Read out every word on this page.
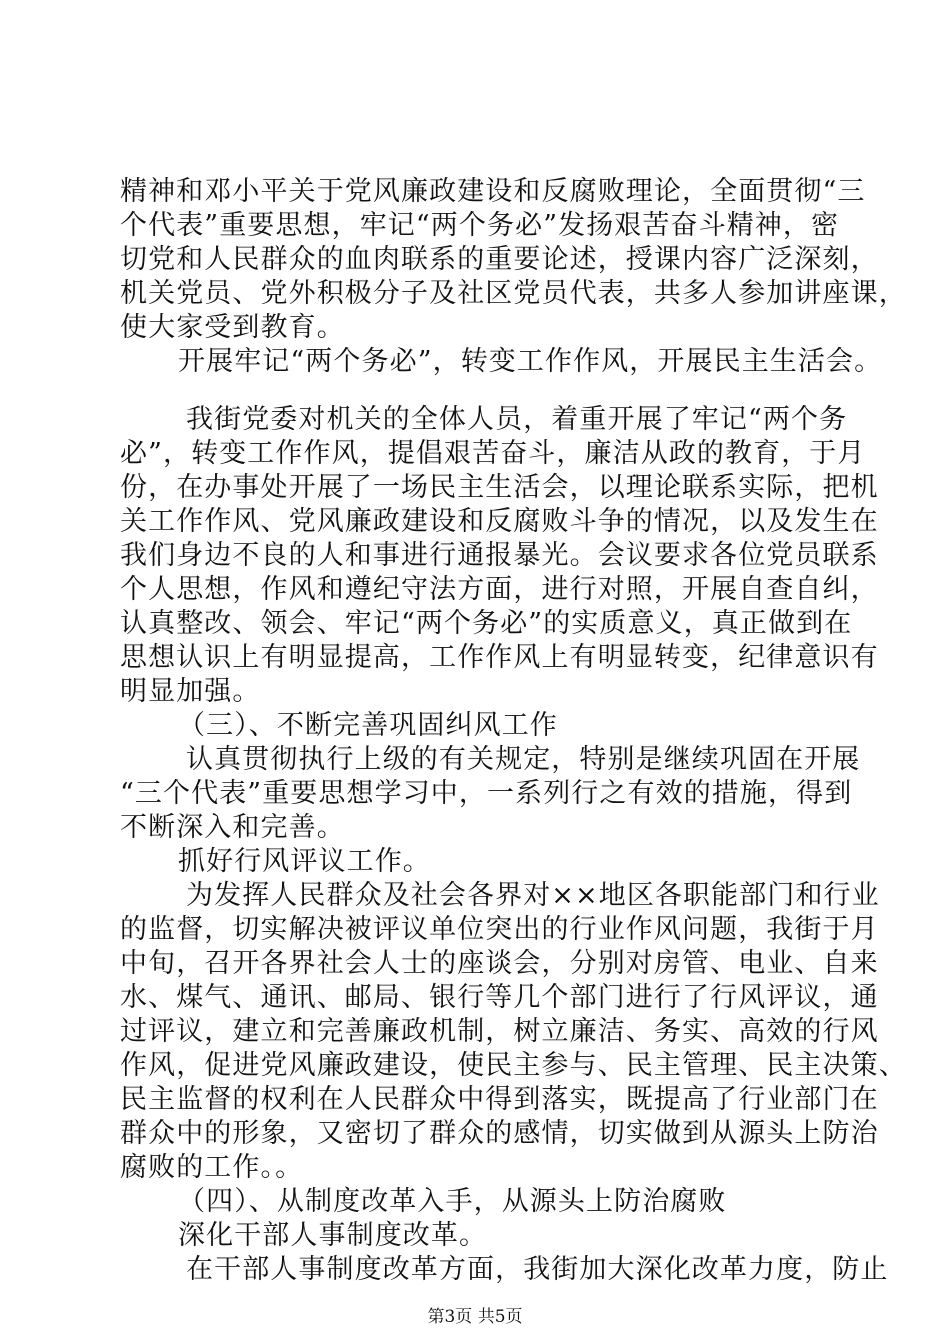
精神和邓小平关于党风廉政建设和反腐败理论，全面贯彻“三
个代表”重要思想，牢记“两个务必”发扬艰苦奋斗精神，密
切党和人民群众的血肉联系的重要论述，授课内容广泛深刻，
机关党员、党外积极分子及社区党员代表，共多人参加讲座课，
使大家受到教育。
开展牢记“两个务必”，转变工作作风，开展民主生活会。
我街党委对机关的全体人员，着重开展了牢记“两个务
必”，转变工作作风，提倡艰苦奋斗，廉洁从政的教育，于月
份，在办事处开展了一场民主生活会，以理论联系实际，把机
关工作作风、党风廉政建设和反腐败斗争的情况，以及发生在
我们身边不良的人和事进行通报暴光。会议要求各位党员联系
个人思想，作风和遵纪守法方面，进行对照，开展自查自纠，
认真整改、领会、牢记“两个务必”的实质意义，真正做到在
思想认识上有明显提高，工作作风上有明显转变，纪律意识有
明显加强。
（三）、不断完善巩固纠风工作
认真贯彻执行上级的有关规定，特别是继续巩固在开展
“三个代表”重要思想学习中，一系列行之有效的措施，得到
不断深入和完善。
抓好行风评议工作。
为发挥人民群众及社会各界对××地区各职能部门和行业
的监督，切实解决被评议单位突出的行业作风问题，我街于月
中旬，召开各界社会人士的座谈会，分别对房管、电业、自来
水、煤气、通讯、邮局、银行等几个部门进行了行风评议，通
过评议，建立和完善廉政机制，树立廉洁、务实、高效的行风
作风，促进党风廉政建设，使民主参与、民主管理、民主决策、
民主监督的权利在人民群众中得到落实，既提高了行业部门在
群众中的形象，又密切了群众的感情，切实做到从源头上防治
腐败的工作。。
（四）、从制度改革入手，从源头上防治腐败
深化干部人事制度改革。
在干部人事制度改革方面，我街加大深化改革力度，防止
第3页 共5页
